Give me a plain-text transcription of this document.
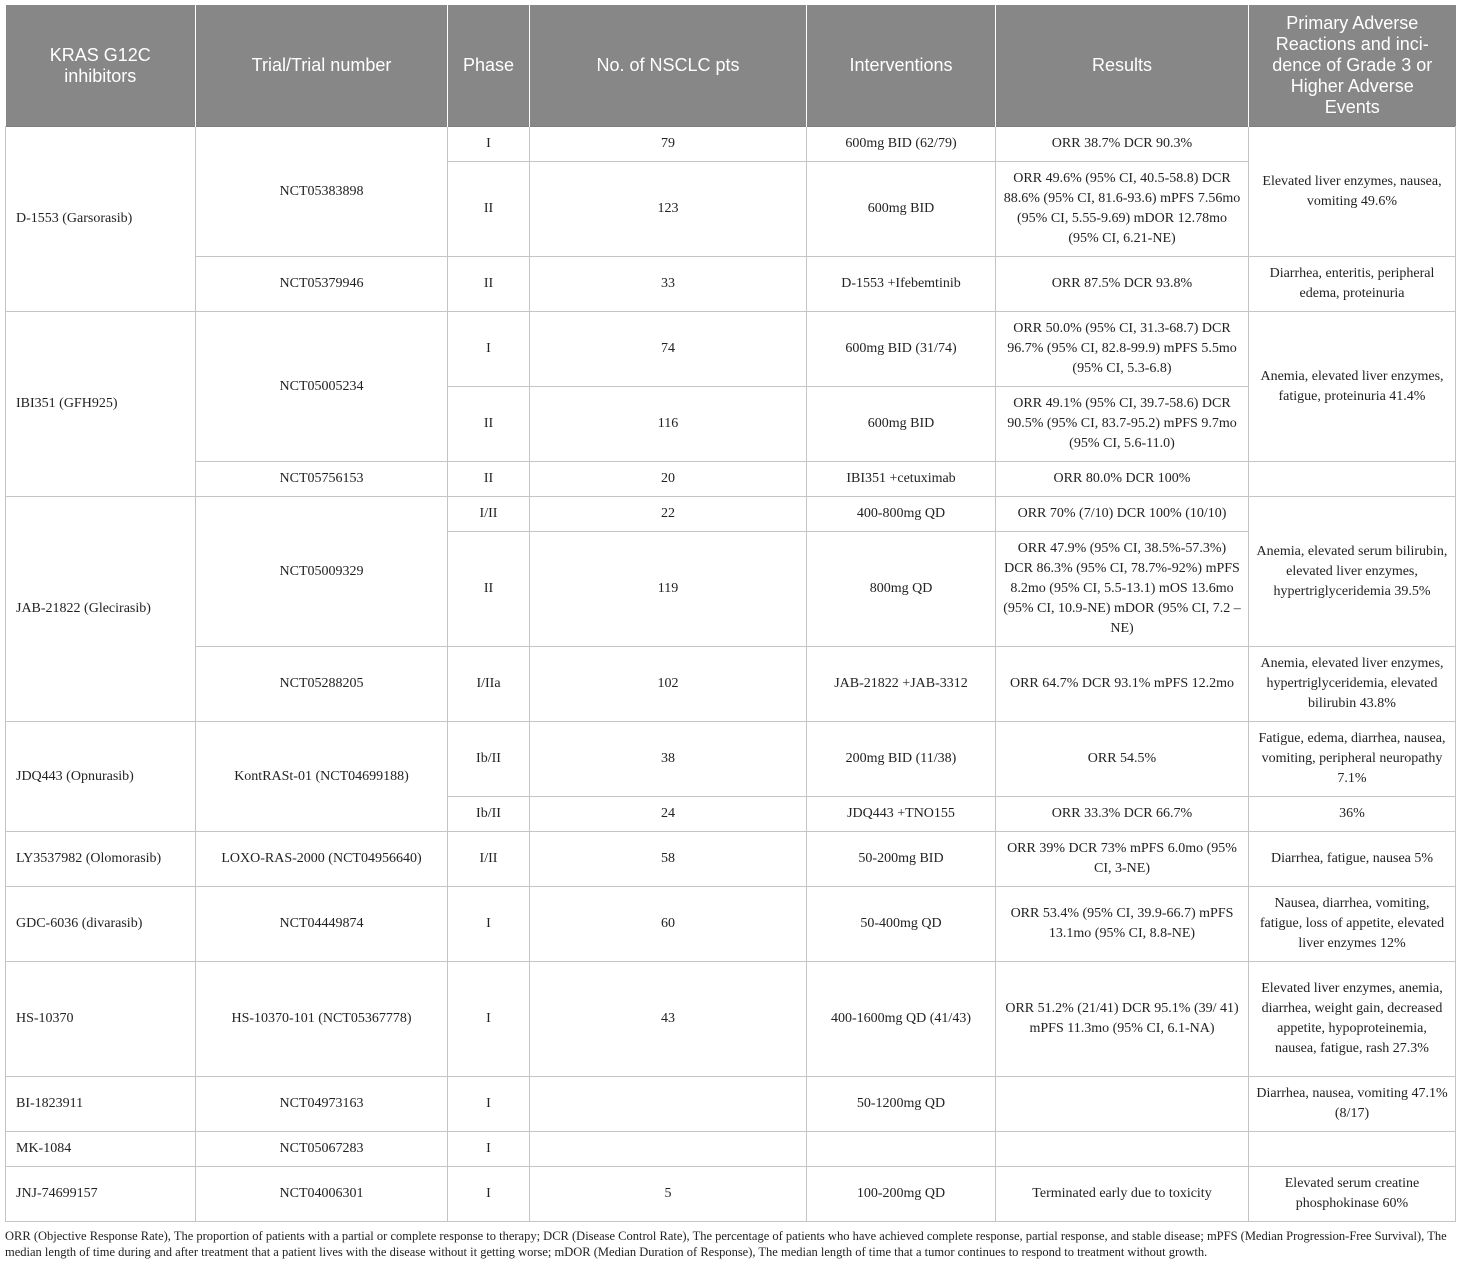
KRAS G12C inhibitors	Trial/Trial number	Phase	No. of NSCLC pts	Interventions	Results	Primary Adverse Reactions and inci-dence of Grade 3 or Higher Adverse Events
D-1553 (Garsorasib)	NCT05383898	I	79	600mg BID (62/79)	ORR 38.7% DCR 90.3%	Elevated liver enzymes, nausea, vomiting 49.6%
		II	123	600mg BID	ORR 49.6% (95% CI, 40.5-58.8) DCR 88.6% (95% CI, 81.6-93.6) mPFS 7.56mo (95% CI, 5.55-9.69) mDOR 12.78mo (95% CI, 6.21-NE)	
	NCT05379946	II	33	D-1553 +Ifebemtinib	ORR 87.5% DCR 93.8%	Diarrhea, enteritis, peripheral edema, proteinuria
IBI351 (GFH925)	NCT05005234	I	74	600mg BID (31/74)	ORR 50.0% (95% CI, 31.3-68.7) DCR 96.7% (95% CI, 82.8-99.9) mPFS 5.5mo (95% CI, 5.3-6.8)	Anemia, elevated liver enzymes, fatigue, proteinuria 41.4%
		II	116	600mg BID	ORR 49.1% (95% CI, 39.7-58.6) DCR 90.5% (95% CI, 83.7-95.2) mPFS 9.7mo (95% CI, 5.6-11.0)	
	NCT05756153	II	20	IBI351 +cetuximab	ORR 80.0% DCR 100%	
JAB-21822 (Glecirasib)	NCT05009329	I/II	22	400-800mg QD	ORR 70% (7/10) DCR 100% (10/10)	Anemia, elevated serum bilirubin, elevated liver enzymes, hypertriglyceridemia 39.5%
		II	119	800mg QD	ORR 47.9% (95% CI, 38.5%-57.3%) DCR 86.3% (95% CI, 78.7%-92%) mPFS 8.2mo (95% CI, 5.5-13.1) mOS 13.6mo (95% CI, 10.9-NE) mDOR (95% CI, 7.2 – NE)	
	NCT05288205	I/IIa	102	JAB-21822 +JAB-3312	ORR 64.7% DCR 93.1% mPFS 12.2mo	Anemia, elevated liver enzymes, hypertriglyceridemia, elevated bilirubin 43.8%
JDQ443 (Opnurasib)	KontRASt-01 (NCT04699188)	Ib/II	38	200mg BID (11/38)	ORR 54.5%	Fatigue, edema, diarrhea, nausea, vomiting, peripheral neuropathy 7.1%
		Ib/II	24	JDQ443 +TNO155	ORR 33.3% DCR 66.7%	36%
LY3537982 (Olomorasib)	LOXO-RAS-2000 (NCT04956640)	I/II	58	50-200mg BID	ORR 39% DCR 73% mPFS 6.0mo (95% CI, 3-NE)	Diarrhea, fatigue, nausea 5%
GDC-6036 (divarasib)	NCT04449874	I	60	50-400mg QD	ORR 53.4% (95% CI, 39.9-66.7) mPFS 13.1mo (95% CI, 8.8-NE)	Nausea, diarrhea, vomiting, fatigue, loss of appetite, elevated liver enzymes 12%
HS-10370	HS-10370-101 (NCT05367778)	I	43	400-1600mg QD (41/43)	ORR 51.2% (21/41) DCR 95.1% (39/ 41) mPFS 11.3mo (95% CI, 6.1-NA)	Elevated liver enzymes, anemia, diarrhea, weight gain, decreased appetite, hypoproteinemia, nausea, fatigue, rash 27.3%
BI-1823911	NCT04973163	I		50-1200mg QD		Diarrhea, nausea, vomiting 47.1%(8/17)
MK-1084	NCT05067283	I				
JNJ-74699157	NCT04006301	I	5	100-200mg QD	Terminated early due to toxicity	Elevated serum creatine phosphokinase 60%
ORR (Objective Response Rate), The proportion of patients with a partial or complete response to therapy; DCR (Disease Control Rate), The percentage of patients who have achieved complete response, partial response, and stable disease; mPFS (Median Progression-Free Survival), The median length of time during and after treatment that a patient lives with the disease without it getting worse; mDOR (Median Duration of Response), The median length of time that a tumor continues to respond to treatment without growth.
